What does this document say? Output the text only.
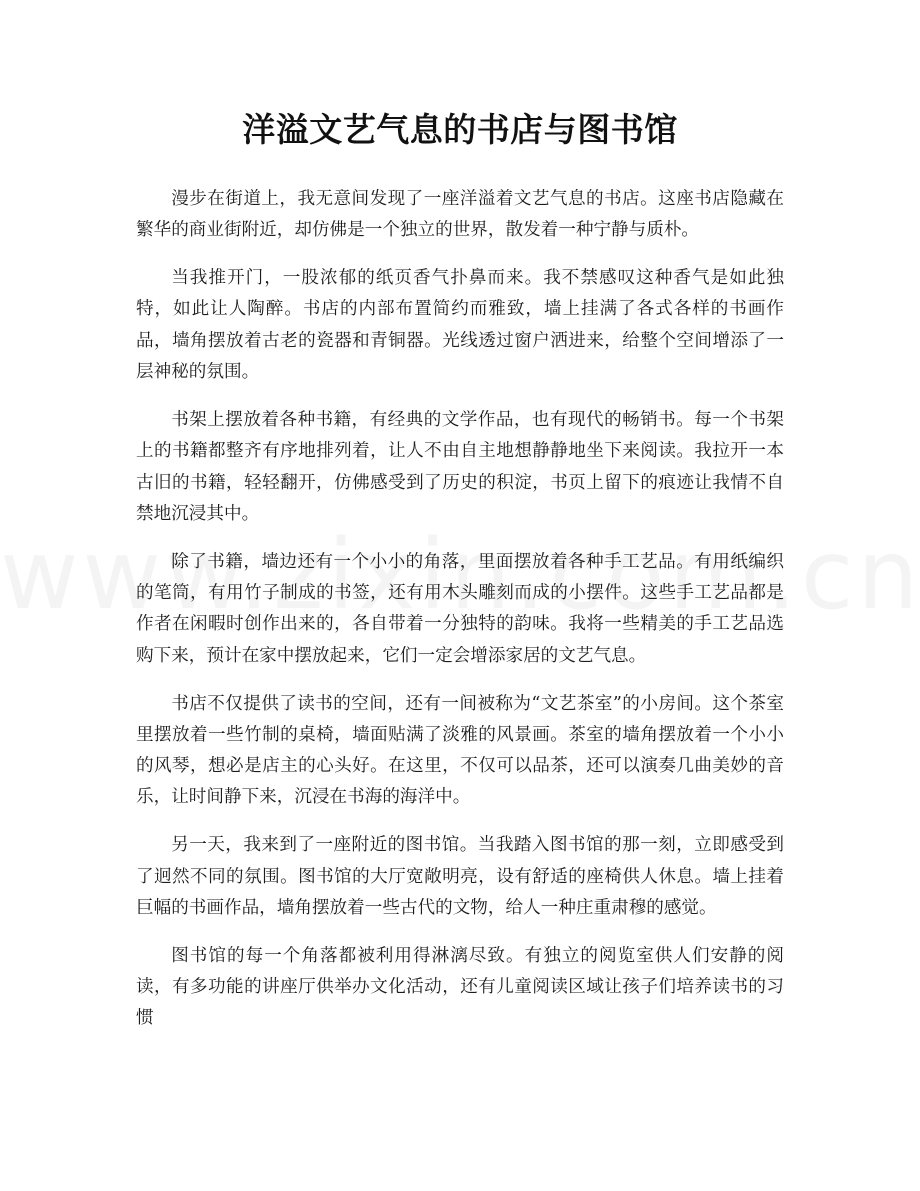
洋溢文艺气息的书店与图书馆

漫步在街道上，我无意间发现了一座洋溢着文艺气息的书店。这座书店隐藏在繁华的商业街附近，却仿佛是一个独立的世界，散发着一种宁静与质朴。

当我推开门，一股浓郁的纸页香气扑鼻而来。我不禁感叹这种香气是如此独特，如此让人陶醉。书店的内部布置简约而雅致，墙上挂满了各式各样的书画作品，墙角摆放着古老的瓷器和青铜器。光线透过窗户洒进来，给整个空间增添了一层神秘的氛围。

书架上摆放着各种书籍，有经典的文学作品，也有现代的畅销书。每一个书架上的书籍都整齐有序地排列着，让人不由自主地想静静地坐下来阅读。我拉开一本古旧的书籍，轻轻翻开，仿佛感受到了历史的积淀，书页上留下的痕迹让我情不自禁地沉浸其中。

除了书籍，墙边还有一个小小的角落，里面摆放着各种手工艺品。有用纸编织的笔筒，有用竹子制成的书签，还有用木头雕刻而成的小摆件。这些手工艺品都是作者在闲暇时创作出来的，各自带着一分独特的韵味。我将一些精美的手工艺品选购下来，预计在家中摆放起来，它们一定会增添家居的文艺气息。

书店不仅提供了读书的空间，还有一间被称为“文艺茶室”的小房间。这个茶室里摆放着一些竹制的桌椅，墙面贴满了淡雅的风景画。茶室的墙角摆放着一个小小的风琴，想必是店主的心头好。在这里，不仅可以品茶，还可以演奏几曲美妙的音乐，让时间静下来，沉浸在书海的海洋中。

另一天，我来到了一座附近的图书馆。当我踏入图书馆的那一刻，立即感受到了迥然不同的氛围。图书馆的大厅宽敞明亮，设有舒适的座椅供人休息。墙上挂着巨幅的书画作品，墙角摆放着一些古代的文物，给人一种庄重肃穆的感觉。

图书馆的每一个角落都被利用得淋漓尽致。有独立的阅览室供人们安静的阅读，有多功能的讲座厅供举办文化活动，还有儿童阅读区域让孩子们培养读书的习惯
